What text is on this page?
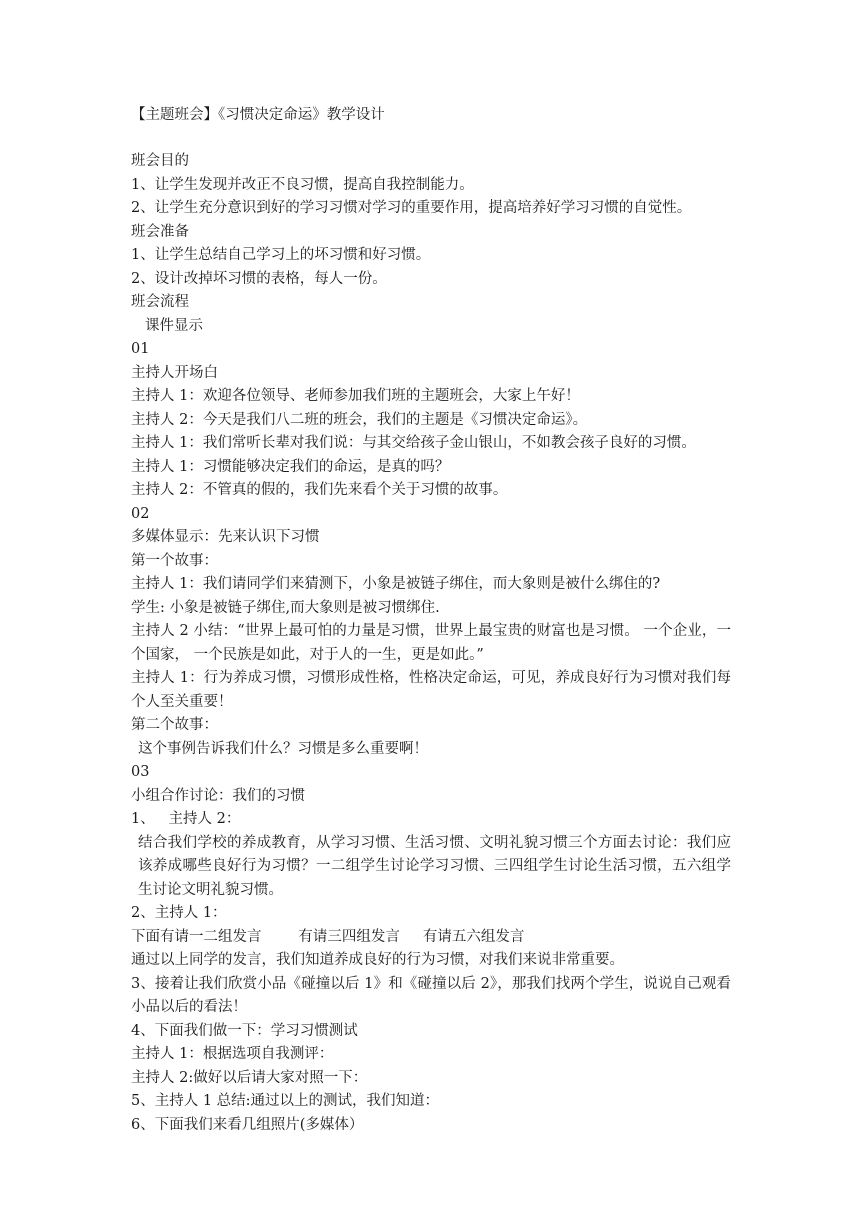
【主题班会】《习惯决定命运》教学设计
班会目的
1、让学生发现并改正不良习惯，提高自我控制能力。
2、让学生充分意识到好的学习习惯对学习的重要作用，提高培养好学习习惯的自觉性。
班会准备
1、让学生总结自己学习上的坏习惯和好习惯。
2、设计改掉坏习惯的表格，每人一份。
班会流程
课件显示
01
主持人开场白
主持人 1：欢迎各位领导、老师参加我们班的主题班会，大家上午好！
主持人 2：今天是我们八二班的班会，我们的主题是《习惯决定命运》。
主持人 1：我们常听长辈对我们说：与其交给孩子金山银山，不如教会孩子良好的习惯。
主持人 1：习惯能够决定我们的命运，是真的吗？
主持人 2：不管真的假的，我们先来看个关于习惯的故事。
02
多媒体显示：先来认识下习惯
第一个故事：
主持人 1：我们请同学们来猜测下，小象是被链子绑住，而大象则是被什么绑住的?
学生: 小象是被链子绑住,而大象则是被习惯绑住.
主持人 2 小结：“世界上最可怕的力量是习惯，世界上最宝贵的财富也是习惯。 一个企业，一个国家， 一个民族是如此，对于人的一生，更是如此。”
主持人 1：行为养成习惯，习惯形成性格，性格决定命运，可见，养成良好行为习惯对我们每个人至关重要！
第二个故事：
这个事例告诉我们什么？习惯是多么重要啊！
03
小组合作讨论：我们的习惯
1、   主持人 2：
结合我们学校的养成教育，从学习习惯、生活习惯、文明礼貌习惯三个方面去讨论：我们应该养成哪些良好行为习惯？一二组学生讨论学习习惯、三四组学生讨论生活习惯，五六组学生讨论文明礼貌习惯。
2、主持人 1：
下面有请一二组发言        有请三四组发言     有请五六组发言
通过以上同学的发言，我们知道养成良好的行为习惯，对我们来说非常重要。
3、接着让我们欣赏小品《碰撞以后 1》和《碰撞以后 2》，那我们找两个学生，说说自己观看小品以后的看法！
4、下面我们做一下：学习习惯测试
主持人 1：根据选项自我测评：
主持人 2:做好以后请大家对照一下：
5、主持人 1 总结:通过以上的测试，我们知道：
6、下面我们来看几组照片(多媒体）
